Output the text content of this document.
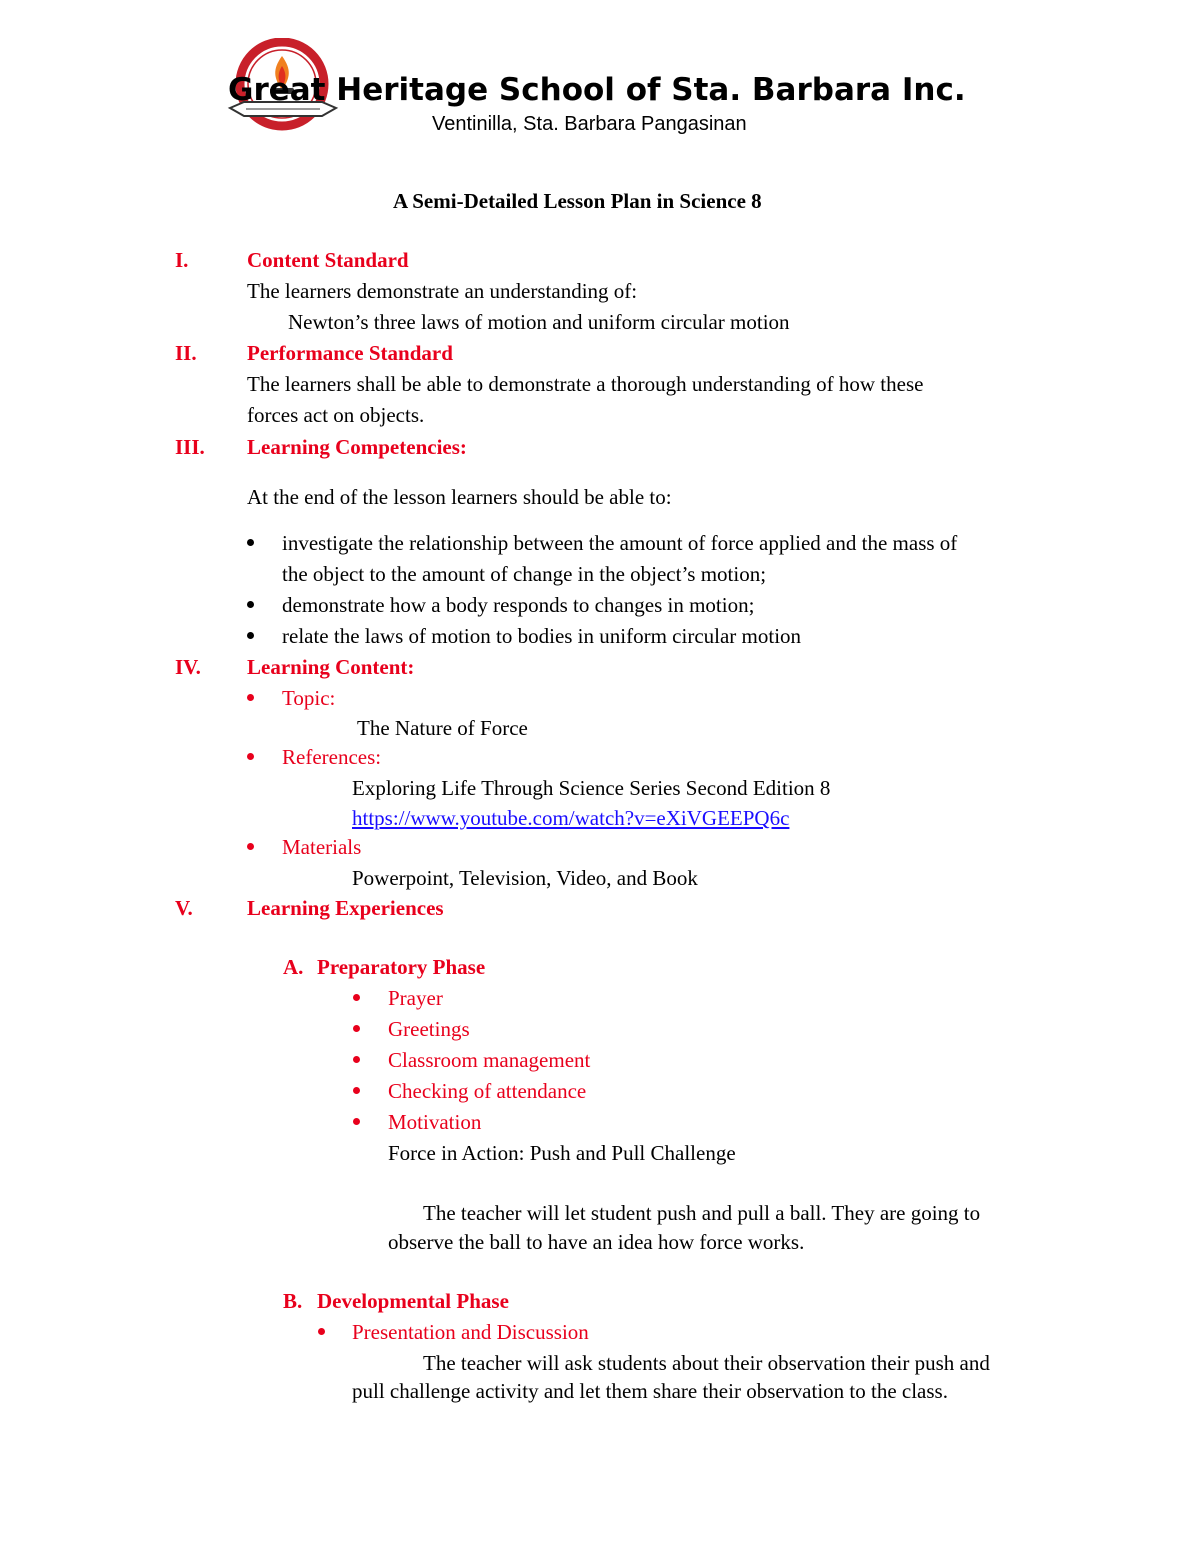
Great Heritage School of Sta. Barbara Inc.
Ventinilla, Sta. Barbara Pangasinan
A Semi-Detailed Lesson Plan in Science 8
I.	Content Standard
The learners demonstrate an understanding of:
Newton’s three laws of motion and uniform circular motion
II. Performance Standard
The learners shall be able to demonstrate a thorough understanding of how these
forces act on objects.
III. Learning Competencies:
At the end of the lesson learners should be able to:
investigate the relationship between the amount of force applied and the mass of
the object to the amount of change in the object’s motion;
demonstrate how a body responds to changes in motion;
relate the laws of motion to bodies in uniform circular motion
IV. Learning Content:
Topic:
The Nature of Force
References:
Exploring Life Through Science Series Second Edition 8
https://www.youtube.com/watch?v=eXiVGEEPQ6c
Materials
Powerpoint, Television, Video, and Book
V.	Learning Experiences
A. Preparatory Phase
Prayer
Greetings
Classroom management
Checking of attendance
Motivation
Force in Action: Push and Pull Challenge
The teacher will let student push and pull a ball. They are going to
observe the ball to have an idea how force works.
B. Developmental Phase
Presentation and Discussion
The teacher will ask students about their observation their push and
pull challenge activity and let them share their observation to the class.
